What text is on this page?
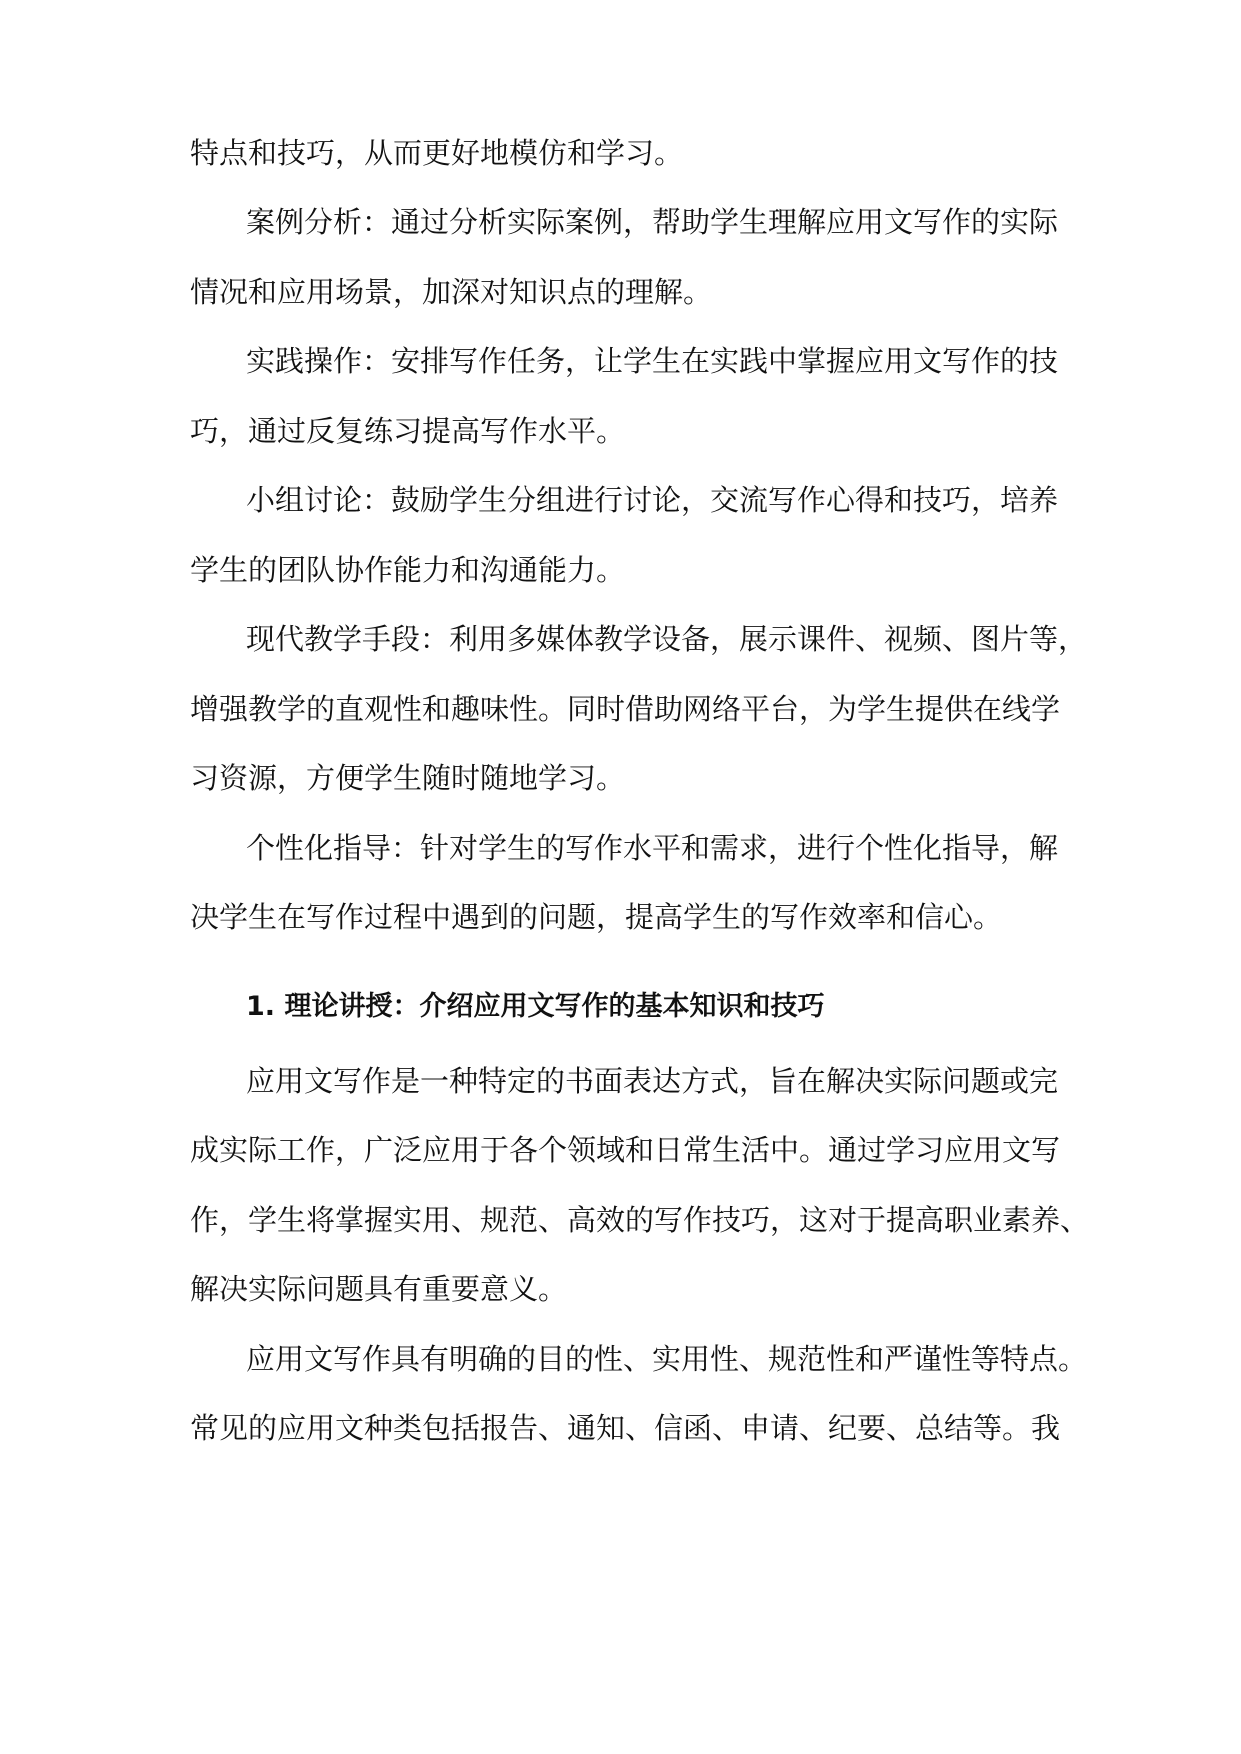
特点和技巧，从而更好地模仿和学习。
案例分析：通过分析实际案例，帮助学生理解应用文写作的实际
情况和应用场景，加深对知识点的理解。
实践操作：安排写作任务，让学生在实践中掌握应用文写作的技
巧，通过反复练习提高写作水平。
小组讨论：鼓励学生分组进行讨论，交流写作心得和技巧，培养
学生的团队协作能力和沟通能力。
现代教学手段：利用多媒体教学设备，展示课件、视频、图片等，
增强教学的直观性和趣味性。同时借助网络平台，为学生提供在线学
习资源，方便学生随时随地学习。
个性化指导：针对学生的写作水平和需求，进行个性化指导，解
决学生在写作过程中遇到的问题，提高学生的写作效率和信心。
1. 理论讲授：介绍应用文写作的基本知识和技巧
应用文写作是一种特定的书面表达方式，旨在解决实际问题或完
成实际工作，广泛应用于各个领域和日常生活中。通过学习应用文写
作，学生将掌握实用、规范、高效的写作技巧，这对于提高职业素养、
解决实际问题具有重要意义。
应用文写作具有明确的目的性、实用性、规范性和严谨性等特点。
常见的应用文种类包括报告、通知、信函、申请、纪要、总结等。我
